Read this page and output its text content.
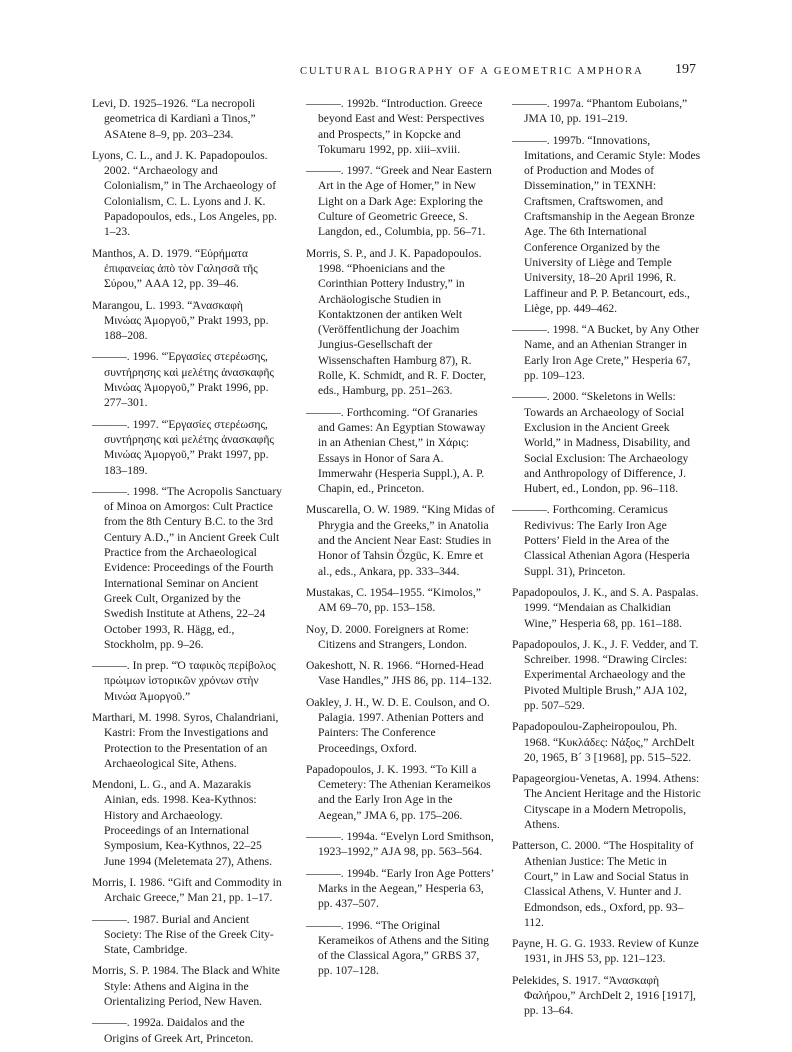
CULTURAL BIOGRAPHY OF A GEOMETRIC AMPHORA 197

Levi, D. 1925–1926. “La necropoli geometrica di Kardianì a Tinos,” ASAtene 8–9, pp. 203–234.

Lyons, C. L., and J. K. Papadopoulos. 2002. “Archaeology and Colonialism,” in The Archaeology of Colonialism, C. L. Lyons and J. K. Papadopoulos, eds., Los Angeles, pp. 1–23.

Manthos, A. D. 1979. “Εὑρήματα ἐπιφανείας ἀπὸ τὸν Γαλησσᾶ τῆς Σύρου,” AAA 12, pp. 39–46.

Marangou, L. 1993. “Ἀνασκαφὴ Μινώας Ἀμοργοῦ,” Prakt 1993, pp. 188–208.

———. 1996. “Ἐργασίες στερέωσης, συντήρησης καὶ μελέτης ἀνασκαφῆς Μινώας Ἀμοργοῦ,” Prakt 1996, pp. 277–301.

———. 1997. “Ἐργασίες στερέωσης, συντήρησης καὶ μελέτης ἀνασκαφῆς Μινώας Ἀμοργοῦ,” Prakt 1997, pp. 183–189.

———. 1998. “The Acropolis Sanctuary of Minoa on Amorgos: Cult Practice from the 8th Century B.C. to the 3rd Century A.D.,” in Ancient Greek Cult Practice from the Archaeological Evidence: Proceedings of the Fourth International Seminar on Ancient Greek Cult, Organized by the Swedish Institute at Athens, 22–24 October 1993, R. Hägg, ed., Stockholm, pp. 9–26.

———. In prep. “Ὁ ταφικὸς περίβολος πρώιμων ἱστορικῶν χρόνων στὴν Μινώα Ἀμοργοῦ.”

Marthari, M. 1998. Syros, Chalandriani, Kastri: From the Investigations and Protection to the Presentation of an Archaeological Site, Athens.

Mendoni, L. G., and A. Mazarakis Ainian, eds. 1998. Kea-Kythnos: History and Archaeology. Proceedings of an International Symposium, Kea-Kythnos, 22–25 June 1994 (Meletemata 27), Athens.

Morris, I. 1986. “Gift and Commodity in Archaic Greece,” Man 21, pp. 1–17.

———. 1987. Burial and Ancient Society: The Rise of the Greek City-State, Cambridge.

Morris, S. P. 1984. The Black and White Style: Athens and Aigina in the Orientalizing Period, New Haven.

———. 1992a. Daidalos and the Origins of Greek Art, Princeton.

———. 1992b. “Introduction. Greece beyond East and West: Perspectives and Prospects,” in Kopcke and Tokumaru 1992, pp. xiii–xviii.

———. 1997. “Greek and Near Eastern Art in the Age of Homer,” in New Light on a Dark Age: Exploring the Culture of Geometric Greece, S. Langdon, ed., Columbia, pp. 56–71.

Morris, S. P., and J. K. Papadopoulos. 1998. “Phoenicians and the Corinthian Pottery Industry,” in Archäologische Studien in Kontaktzonen der antiken Welt (Veröffentlichung der Joachim Jungius-Gesellschaft der Wissenschaften Hamburg 87), R. Rolle, K. Schmidt, and R. F. Docter, eds., Hamburg, pp. 251–263.

———. Forthcoming. “Of Granaries and Games: An Egyptian Stowaway in an Athenian Chest,” in Χάρις: Essays in Honor of Sara A. Immerwahr (Hesperia Suppl.), A. P. Chapin, ed., Princeton.

Muscarella, O. W. 1989. “King Midas of Phrygia and the Greeks,” in Anatolia and the Ancient Near East: Studies in Honor of Tahsin Özgüc, K. Emre et al., eds., Ankara, pp. 333–344.

Mustakas, C. 1954–1955. “Kimolos,” AM 69–70, pp. 153–158.

Noy, D. 2000. Foreigners at Rome: Citizens and Strangers, London.

Oakeshott, N. R. 1966. “Horned-Head Vase Handles,” JHS 86, pp. 114–132.

Oakley, J. H., W. D. E. Coulson, and O. Palagia. 1997. Athenian Potters and Painters: The Conference Proceedings, Oxford.

Papadopoulos, J. K. 1993. “To Kill a Cemetery: The Athenian Kerameikos and the Early Iron Age in the Aegean,” JMA 6, pp. 175–206.

———. 1994a. “Evelyn Lord Smithson, 1923–1992,” AJA 98, pp. 563–564.

———. 1994b. “Early Iron Age Potters’ Marks in the Aegean,” Hesperia 63, pp. 437–507.

———. 1996. “The Original Kerameikos of Athens and the Siting of the Classical Agora,” GRBS 37, pp. 107–128.

———. 1997a. “Phantom Euboians,” JMA 10, pp. 191–219.

———. 1997b. “Innovations, Imitations, and Ceramic Style: Modes of Production and Modes of Dissemination,” in TEXNH: Craftsmen, Craftswomen, and Craftsmanship in the Aegean Bronze Age. The 6th International Conference Organized by the University of Liège and Temple University, 18–20 April 1996, R. Laffineur and P. P. Betancourt, eds., Liège, pp. 449–462.

———. 1998. “A Bucket, by Any Other Name, and an Athenian Stranger in Early Iron Age Crete,” Hesperia 67, pp. 109–123.

———. 2000. “Skeletons in Wells: Towards an Archaeology of Social Exclusion in the Ancient Greek World,” in Madness, Disability, and Social Exclusion: The Archaeology and Anthropology of Difference, J. Hubert, ed., London, pp. 96–118.

———. Forthcoming. Ceramicus Redivivus: The Early Iron Age Potters’ Field in the Area of the Classical Athenian Agora (Hesperia Suppl. 31), Princeton.

Papadopoulos, J. K., and S. A. Paspalas. 1999. “Mendaian as Chalkidian Wine,” Hesperia 68, pp. 161–188.

Papadopoulos, J. K., J. F. Vedder, and T. Schreiber. 1998. “Drawing Circles: Experimental Archaeology and the Pivoted Multiple Brush,” AJA 102, pp. 507–529.

Papadopoulou-Zapheiropoulou, Ph. 1968. “Κυκλάδες: Νάξος,” ArchDelt 20, 1965, Β´ 3 [1968], pp. 515–522.

Papageorgiou-Venetas, A. 1994. Athens: The Ancient Heritage and the Historic Cityscape in a Modern Metropolis, Athens.

Patterson, C. 2000. “The Hospitality of Athenian Justice: The Metic in Court,” in Law and Social Status in Classical Athens, V. Hunter and J. Edmondson, eds., Oxford, pp. 93–112.

Payne, H. G. G. 1933. Review of Kunze 1931, in JHS 53, pp. 121–123.

Pelekides, S. 1917. “Ἀνασκαφὴ Φαλήρου,” ArchDelt 2, 1916 [1917], pp. 13–64.
